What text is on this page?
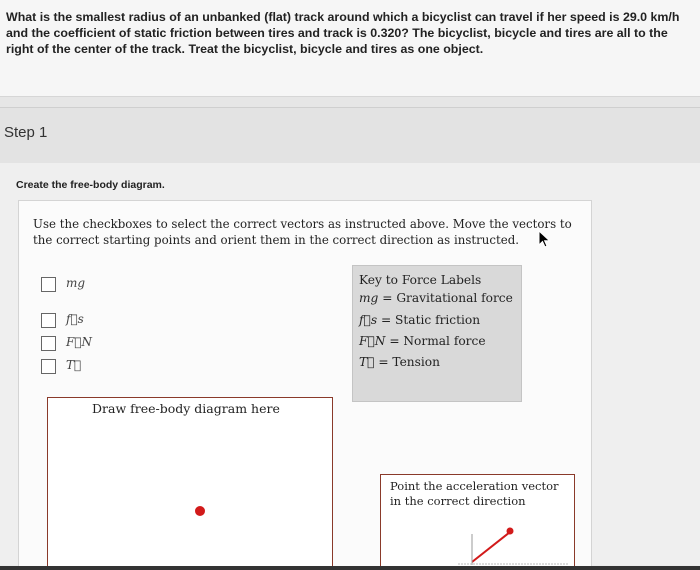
What is the smallest radius of an unbanked (flat) track around which a bicyclist can travel if her speed is 29.0 km/h and the coefficient of static friction between tires and track is 0.320? The bicyclist, bicycle and tires are all to the right of the center of the track. Treat the bicyclist, bicycle and tires as one object.

Step 1
Create the free-body diagram.
Use the checkboxes to select the correct vectors as instructed above. Move the vectors to the correct starting points and orient them in the correct direction as instructed.
mg
f⃗s
F⃗N
T⃗
Key to Force Labels
mg = Gravitational force
f⃗s = Static friction
F⃗N = Normal force
T⃗ = Tension
Draw free-body diagram here
Point the acceleration vector in the correct direction
